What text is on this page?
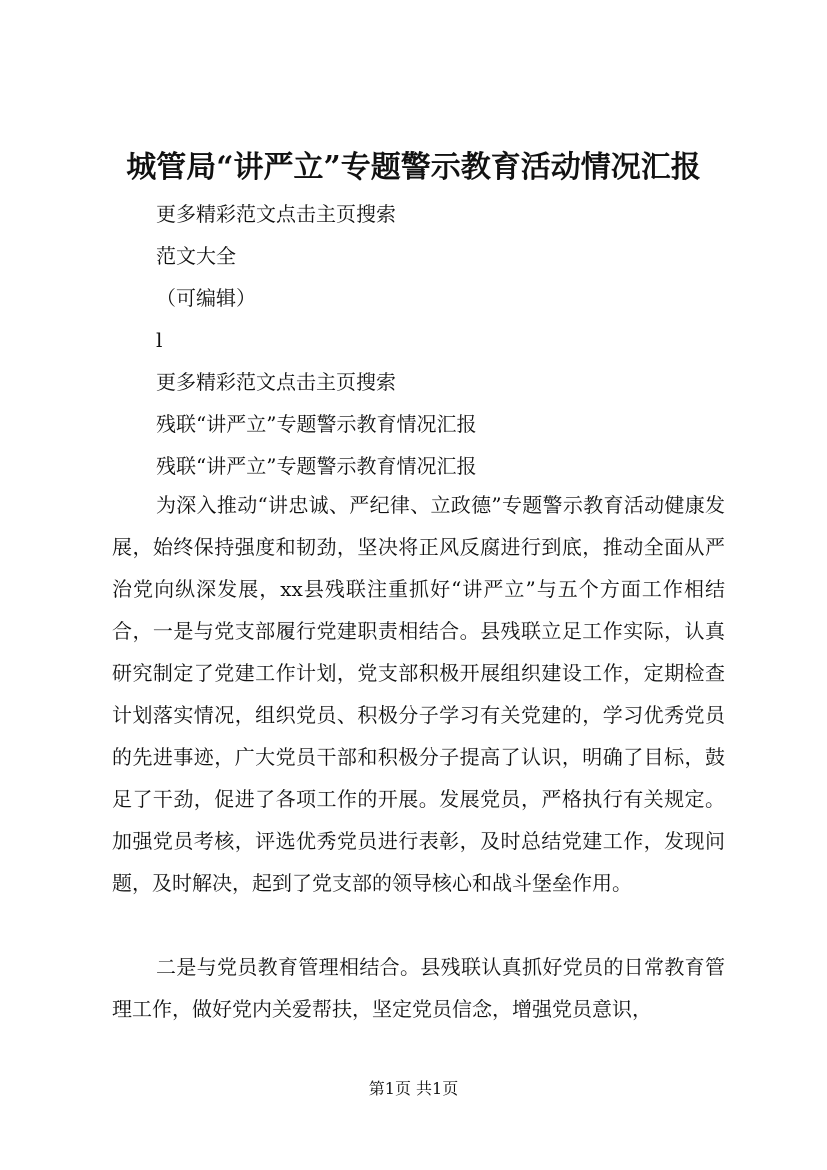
城管局“讲严立”专题警示教育活动情况汇报
更多精彩范文点击主页搜索
范文大全
（可编辑）
l
更多精彩范文点击主页搜索
残联“讲严立”专题警示教育情况汇报
残联“讲严立”专题警示教育情况汇报

为深入推动“讲忠诚、严纪律、立政德”专题警示教育活动健康发展，始终保持强度和韧劲，坚决将正风反腐进行到底，推动全面从严治党向纵深发展，xx县残联注重抓好“讲严立”与五个方面工作相结合，一是与党支部履行党建职责相结合。县残联立足工作实际，认真研究制定了党建工作计划，党支部积极开展组织建设工作，定期检查计划落实情况，组织党员、积极分子学习有关党建的，学习优秀党员的先进事迹，广大党员干部和积极分子提高了认识，明确了目标，鼓足了干劲，促进了各项工作的开展。发展党员，严格执行有关规定。加强党员考核，评选优秀党员进行表彰，及时总结党建工作，发现问题，及时解决，起到了党支部的领导核心和战斗堡垒作用。

二是与党员教育管理相结合。县残联认真抓好党员的日常教育管理工作，做好党内关爱帮扶，坚定党员信念，增强党员意识，

第1页 共1页
